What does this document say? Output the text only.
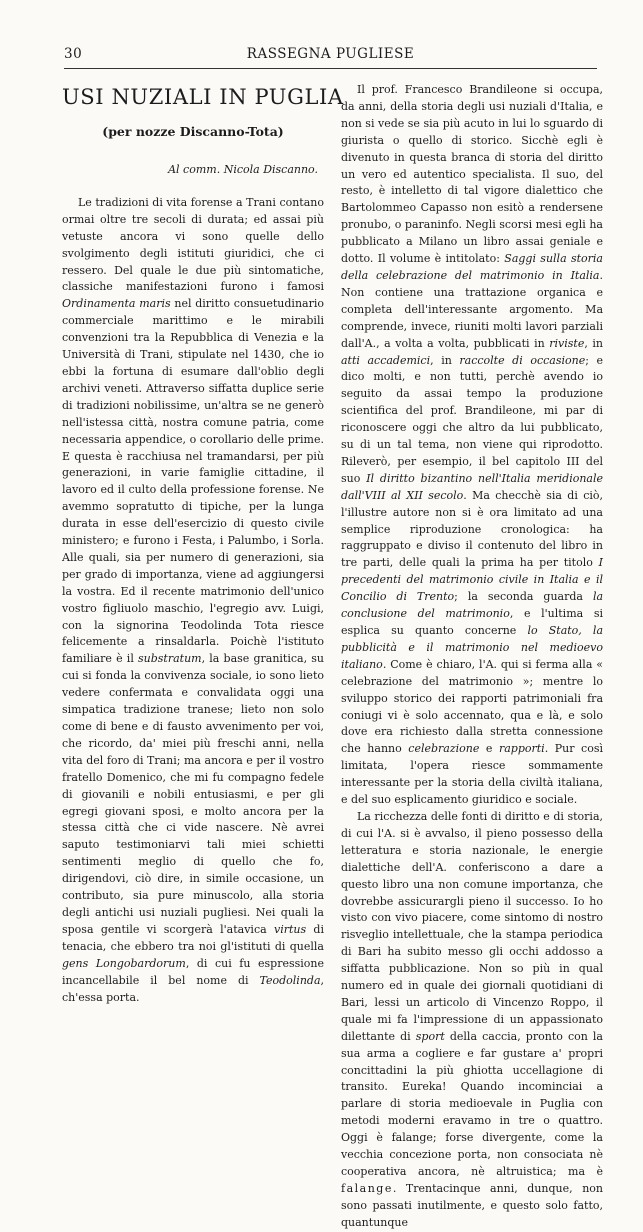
30	RASSEGNA PUGLIESE
USI NUZIALI IN PUGLIA
(per nozze Discanno-Tota)
Al comm. Nicola Discanno.

Le tradizioni di vita forense a Trani contano ormai oltre tre secoli di durata; ed assai più vetuste ancora vi sono quelle dello svolgimento degli istituti giuridici, che ci ressero. Del quale le due più sintomatiche, classiche manifestazioni furono i famosi Ordinamenta maris nel diritto consuetudinario commerciale marittimo e le mirabili convenzioni tra la Repubblica di Venezia e la Università di Trani, stipulate nel 1430, che io ebbi la fortuna di esumare dall'oblio degli archivi veneti. Attraverso siffatta duplice serie di tradizioni nobilissime, un'altra se ne generò nell'istessa città, nostra comune patria, come necessaria appendice, o corollario delle prime. E questa è racchiusa nel tramandarsi, per più generazioni, in varie famiglie cittadine, il lavoro ed il culto della professione forense. Ne avemmo sopratutto di tipiche, per la lunga durata in esse dell'esercizio di questo civile ministero; e furono i Festa, i Palumbo, i Sorla. Alle quali, sia per numero di generazioni, sia per grado di importanza, viene ad aggiungersi la vostra. Ed il recente matrimonio dell'unico vostro figliuolo maschio, l'egregio avv. Luigi, con la signorina Teodolinda Tota riesce felicemente a rinsaldarla. Poichè l'istituto familiare è il substratum, la base granitica, su cui si fonda la convivenza sociale, io sono lieto vedere confermata e convalidata oggi una simpatica tradizione tranese; lieto non solo come di bene e di fausto avvenimento per voi, che ricordo, da' miei più freschi anni, nella vita del foro di Trani; ma ancora e per il vostro fratello Domenico, che mi fu compagno fedele di giovanili e nobili entusiasmi, e per gli egregi giovani sposi, e molto ancora per la stessa città che ci vide nascere. Nè avrei saputo testimoniarvi tali miei schietti sentimenti meglio di quello che fo, dirigendovi, ciò dire, in simile occasione, un contributo, sia pure minuscolo, alla storia degli antichi usi nuziali pugliesi. Nei quali la sposa gentile vi scorgerà l'atavica virtus di tenacia, che ebbero tra noi gl'istituti di quella gens Longobardorum, di cui fu espressione incancellabile il bel nome di Teodolinda, ch'essa porta.

Il prof. Francesco Brandileone si occupa, da anni, della storia degli usi nuziali d'Italia, e non si vede se sia più acuto in lui lo sguardo di giurista o quello di storico. Sicchè egli è divenuto in questa branca di storia del diritto un vero ed autentico specialista. Il suo, del resto, è intelletto di tal vigore dialettico che Bartolommeo Capasso non esitò a rendersene pronubo, o paraninfo. Negli scorsi mesi egli ha pubblicato a Milano un libro assai geniale e dotto. Il volume è intitolato: Saggi sulla storia della celebrazione del matrimonio in Italia. Non contiene una trattazione organica e completa dell'interessante argomento. Ma comprende, invece, riuniti molti lavori parziali dall'A., a volta a volta, pubblicati in riviste, in atti accademici, in raccolte di occasione; e dico molti, e non tutti, perchè avendo io seguito da assai tempo la produzione scientifica del prof. Brandileone, mi par di riconoscere oggi che altro da lui pubblicato, su di un tal tema, non viene qui riprodotto. Rileverò, per esempio, il bel capitolo III del suo Il diritto bizantino nell'Italia meridionale dall'VIII al XII secolo. Ma checchè sia di ciò, l'illustre autore non si è ora limitato ad una semplice riproduzione cronologica: ha raggruppato e diviso il contenuto del libro in tre parti, delle quali la prima ha per titolo I precedenti del matrimonio civile in Italia e il Concilio di Trento; la seconda guarda la conclusione del matrimonio, e l'ultima si esplica su quanto concerne lo Stato, la pubblicità e il matrimonio nel medioevo italiano. Come è chiaro, l'A. qui si ferma alla « celebrazione del matrimonio »; mentre lo sviluppo storico dei rapporti patrimoniali fra coniugi vi è solo accennato, qua e là, e solo dove era richiesto dalla stretta connessione che hanno celebrazione e rapporti. Pur così limitata, l'opera riesce sommamente interessante per la storia della civiltà italiana, e del suo esplicamento giuridico e sociale.

La ricchezza delle fonti di diritto e di storia, di cui l'A. si è avvalso, il pieno possesso della letteratura e storia nazionale, le energie dialettiche dell'A. conferiscono a dare a questo libro una non comune importanza, che dovrebbe assicurargli pieno il successo. Io ho visto con vivo piacere, come sintomo di nostro risveglio intellettuale, che la stampa periodica di Bari ha subito messo gli occhi addosso a siffatta pubblicazione. Non so più in qual numero ed in quale dei giornali quotidiani di Bari, lessi un articolo di Vincenzo Roppo, il quale mi fa l'impressione di un appassionato dilettante di sport della caccia, pronto con la sua arma a cogliere e far gustare a' propri concittadini la più ghiotta uccellagione di transito. Eureka! Quando incominciai a parlare di storia medioevale in Puglia con metodi moderni eravamo in tre o quattro. Oggi è falange; forse divergente, come la vecchia concezione porta, non consociata nè cooperativa ancora, nè altruistica; ma è falange. Trentacinque anni, dunque, non sono passati inutilmente, e questo solo fatto, quantunque
